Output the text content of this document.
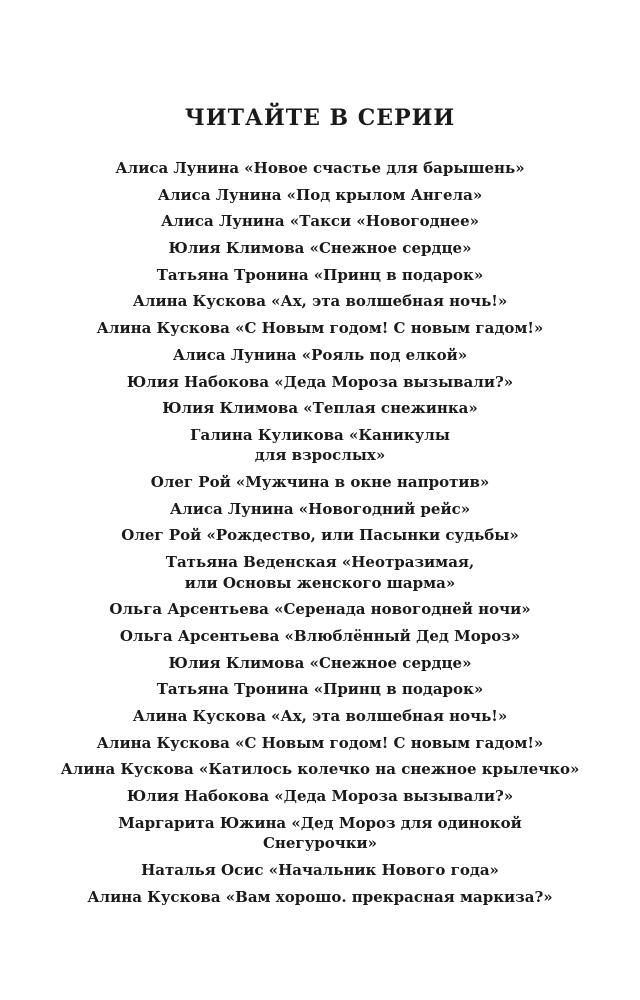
ЧИТАЙТЕ В СЕРИИ
Алиса Лунина «Новое счастье для барышень»
Алиса Лунина «Под крылом Ангела»
Алиса Лунина «Такси «Новогоднее»
Юлия Климова «Снежное сердце»
Татьяна Тронина «Принц в подарок»
Алина Кускова «Ах, эта волшебная ночь!»
Алина Кускова «С Новым годом! С новым гадом!»
Алиса Лунина «Рояль под елкой»
Юлия Набокова «Деда Мороза вызывали?»
Юлия Климова «Теплая снежинка»
Галина Куликова «Каникулы
для взрослых»
Олег Рой «Мужчина в окне напротив»
Алиса Лунина «Новогодний рейс»
Олег Рой «Рождество, или Пасынки судьбы»
Татьяна Веденская «Неотразимая,
или Основы женского шарма»
Ольга Арсентьева «Серенада новогодней ночи»
Ольга Арсентьева «Влюблённый Дед Мороз»
Юлия Климова «Снежное сердце»
Татьяна Тронина «Принц в подарок»
Алина Кускова «Ах, эта волшебная ночь!»
Алина Кускова «С Новым годом! С новым гадом!»
Алина Кускова «Катилось колечко на снежное крылечко»
Юлия Набокова «Деда Мороза вызывали?»
Маргарита Южина «Дед Мороз для одинокой
Снегурочки»
Наталья Осис «Начальник Нового года»
Алина Кускова «Вам хорошо. прекрасная маркиза?»
